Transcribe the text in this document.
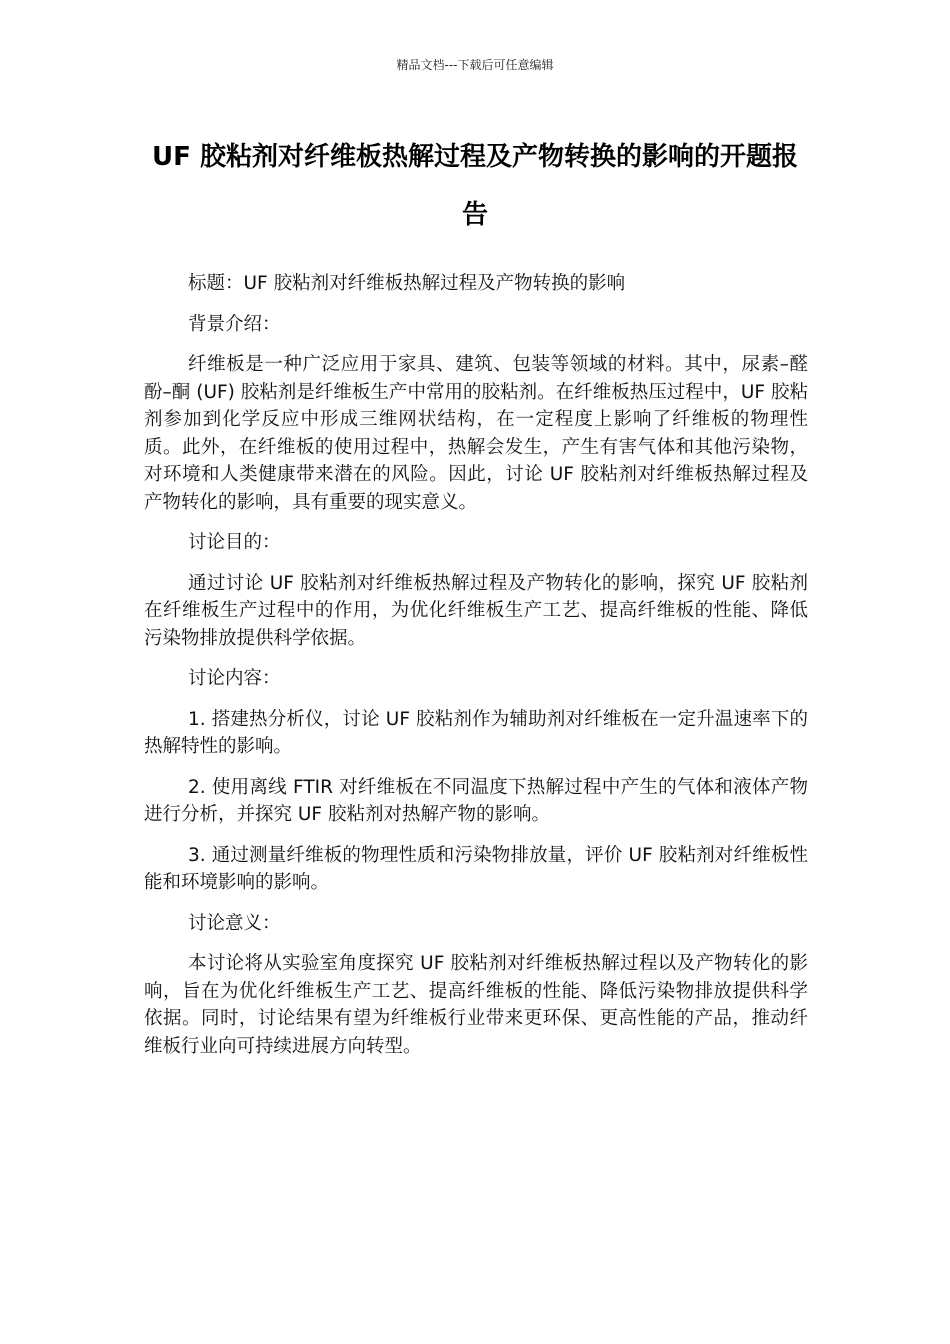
精品文档---下载后可任意编辑
UF 胶粘剂对纤维板热解过程及产物转换的影响的开题报告

标题：UF 胶粘剂对纤维板热解过程及产物转换的影响

背景介绍：

纤维板是一种广泛应用于家具、建筑、包装等领域的材料。其中，尿素–醛酚–酮 (UF) 胶粘剂是纤维板生产中常用的胶粘剂。在纤维板热压过程中，UF 胶粘剂参加到化学反应中形成三维网状结构，在一定程度上影响了纤维板的物理性质。此外，在纤维板的使用过程中，热解会发生，产生有害气体和其他污染物，对环境和人类健康带来潜在的风险。因此，讨论 UF 胶粘剂对纤维板热解过程及产物转化的影响，具有重要的现实意义。

讨论目的：

通过讨论 UF 胶粘剂对纤维板热解过程及产物转化的影响，探究 UF 胶粘剂在纤维板生产过程中的作用，为优化纤维板生产工艺、提高纤维板的性能、降低污染物排放提供科学依据。

讨论内容：

1. 搭建热分析仪，讨论 UF 胶粘剂作为辅助剂对纤维板在一定升温速率下的热解特性的影响。

2. 使用离线 FTIR 对纤维板在不同温度下热解过程中产生的气体和液体产物进行分析，并探究 UF 胶粘剂对热解产物的影响。

3. 通过测量纤维板的物理性质和污染物排放量，评价 UF 胶粘剂对纤维板性能和环境影响的影响。

讨论意义：

本讨论将从实验室角度探究 UF 胶粘剂对纤维板热解过程以及产物转化的影响，旨在为优化纤维板生产工艺、提高纤维板的性能、降低污染物排放提供科学依据。同时，讨论结果有望为纤维板行业带来更环保、更高性能的产品，推动纤维板行业向可持续进展方向转型。
